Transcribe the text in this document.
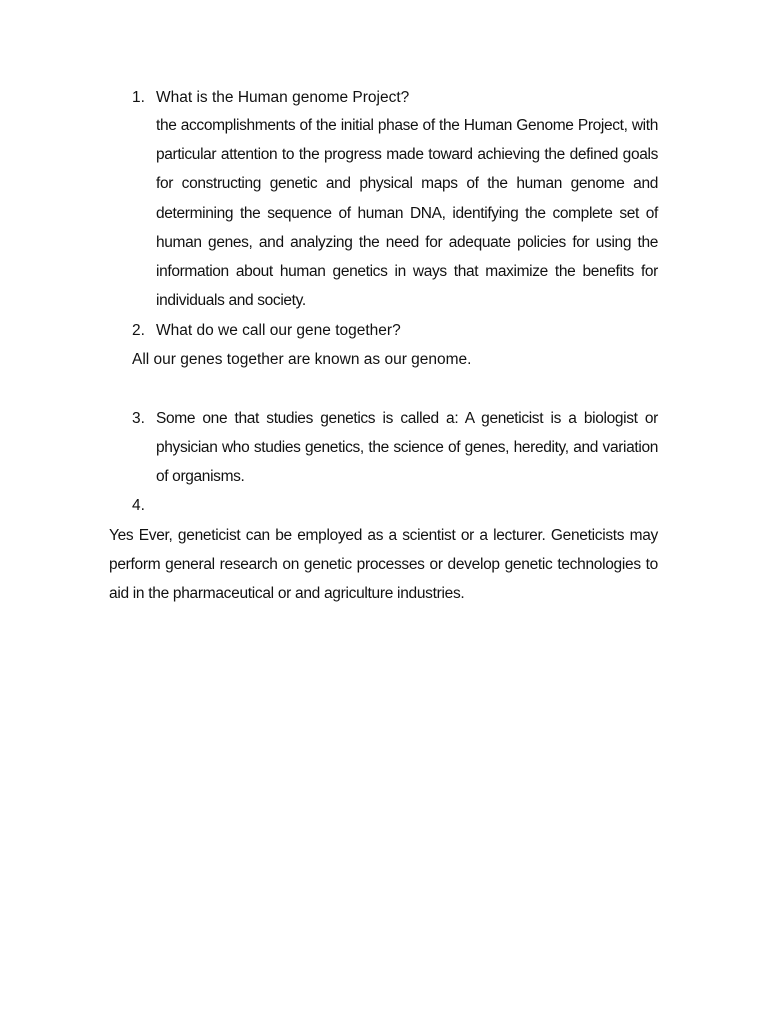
1. What is the Human genome Project?
the accomplishments of the initial phase of the Human Genome Project, with
particular attention to the progress made toward achieving the defined goals
for constructing genetic and physical maps of the human genome and
determining the sequence of human DNA, identifying the complete set of
human genes, and analyzing the need for adequate policies for using the
information about human genetics in ways that maximize the benefits for
individuals and society.
2. What do we call our gene together?
All our genes together are known as our genome.
3. Some one that studies genetics is called a: A geneticist is a biologist or
physician who studies genetics, the science of genes, heredity, and variation
of organisms.
4.
Yes Ever, geneticist can be employed as a scientist or a lecturer. Geneticists may
perform general research on genetic processes or develop genetic technologies to
aid in the pharmaceutical or and agriculture industries.
